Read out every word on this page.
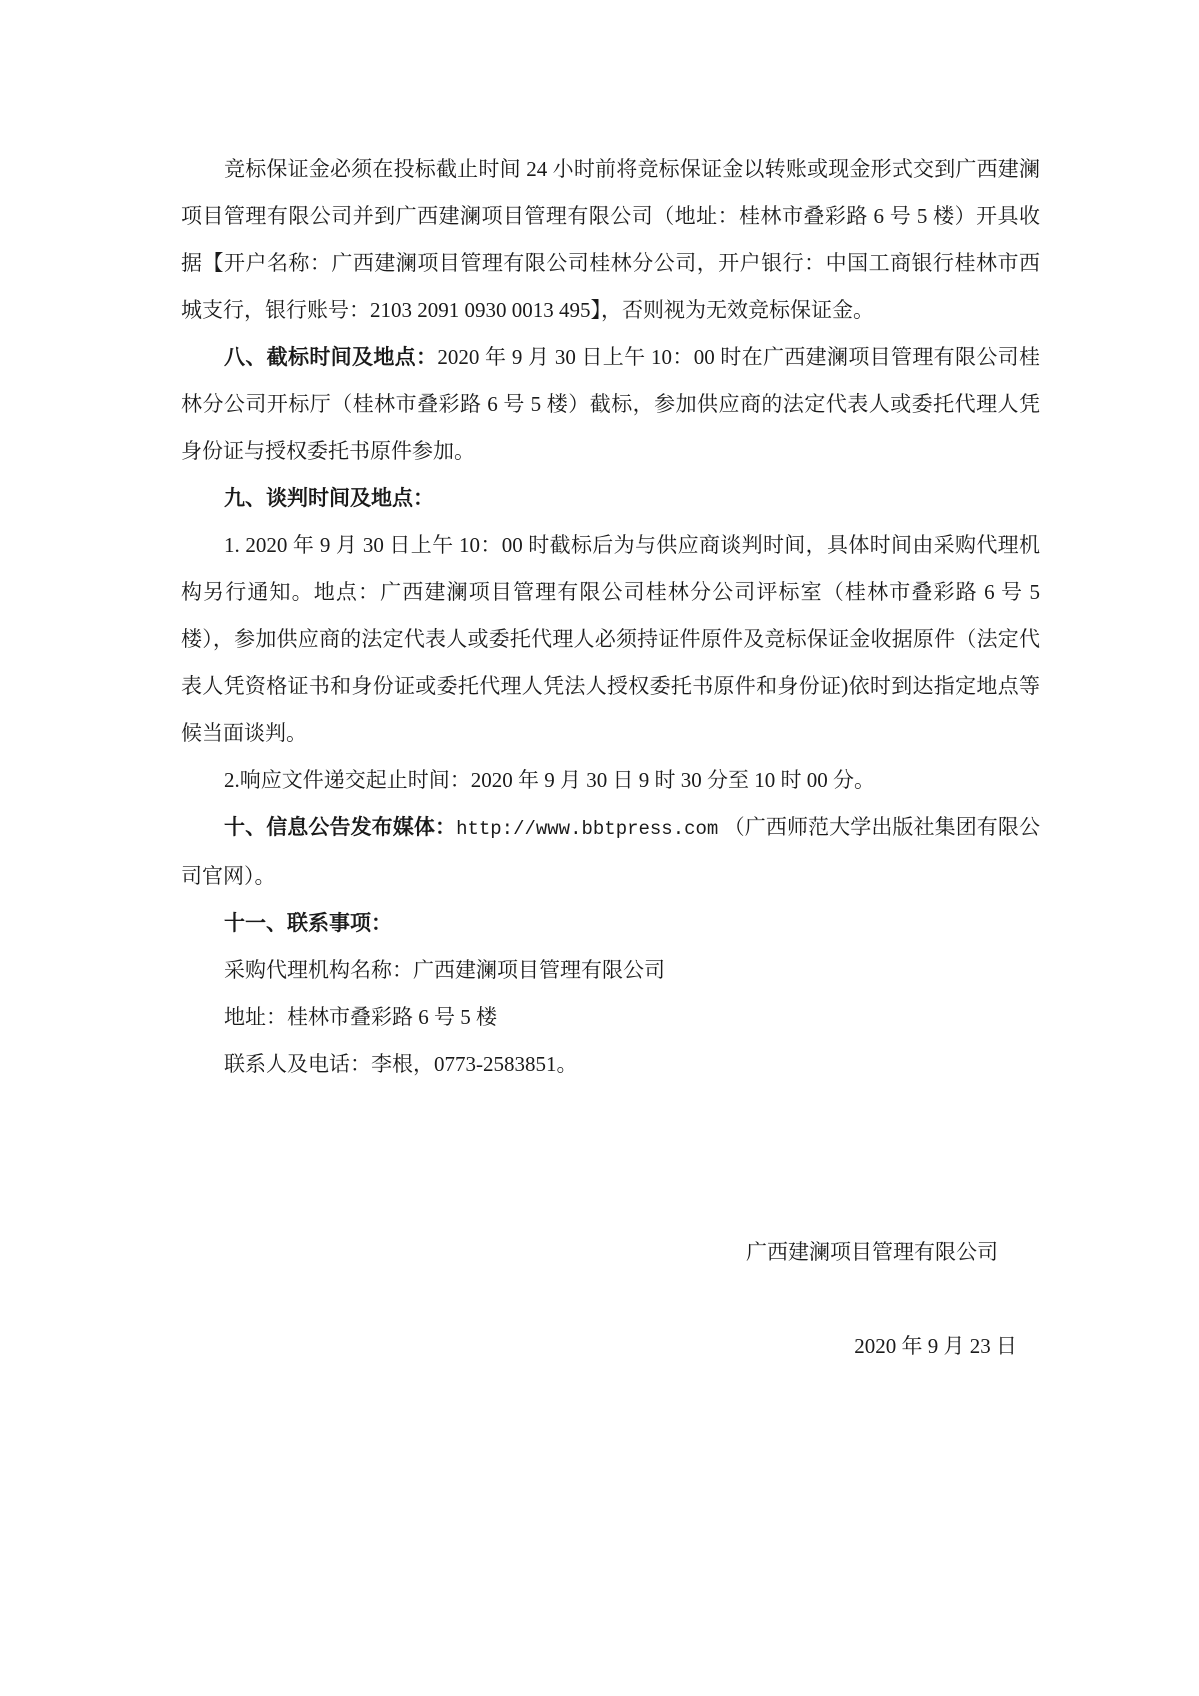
竞标保证金必须在投标截止时间 24 小时前将竞标保证金以转账或现金形式交到广西建澜项目管理有限公司并到广西建澜项目管理有限公司（地址：桂林市叠彩路 6 号 5 楼）开具收据【开户名称：广西建澜项目管理有限公司桂林分公司，开户银行：中国工商银行桂林市西城支行，银行账号：2103 2091 0930 0013 495】，否则视为无效竞标保证金。

八、截标时间及地点：2020 年 9 月 30 日上午 10：00 时在广西建澜项目管理有限公司桂林分公司开标厅（桂林市叠彩路 6 号 5 楼）截标，参加供应商的法定代表人或委托代理人凭身份证与授权委托书原件参加。

九、谈判时间及地点：

1. 2020 年 9 月 30 日上午 10：00 时截标后为与供应商谈判时间，具体时间由采购代理机构另行通知。地点：广西建澜项目管理有限公司桂林分公司评标室（桂林市叠彩路 6 号 5 楼），参加供应商的法定代表人或委托代理人必须持证件原件及竞标保证金收据原件（法定代表人凭资格证书和身份证或委托代理人凭法人授权委托书原件和身份证)依时到达指定地点等候当面谈判。

2.响应文件递交起止时间：2020 年 9 月 30 日 9 时 30 分至 10 时 00 分。

十、信息公告发布媒体：http://www.bbtpress.com （广西师范大学出版社集团有限公司官网）。

十一、联系事项：

采购代理机构名称：广西建澜项目管理有限公司

地址：桂林市叠彩路 6 号 5 楼

联系人及电话：李根，0773-2583851。

广西建澜项目管理有限公司

2020 年 9 月 23 日
